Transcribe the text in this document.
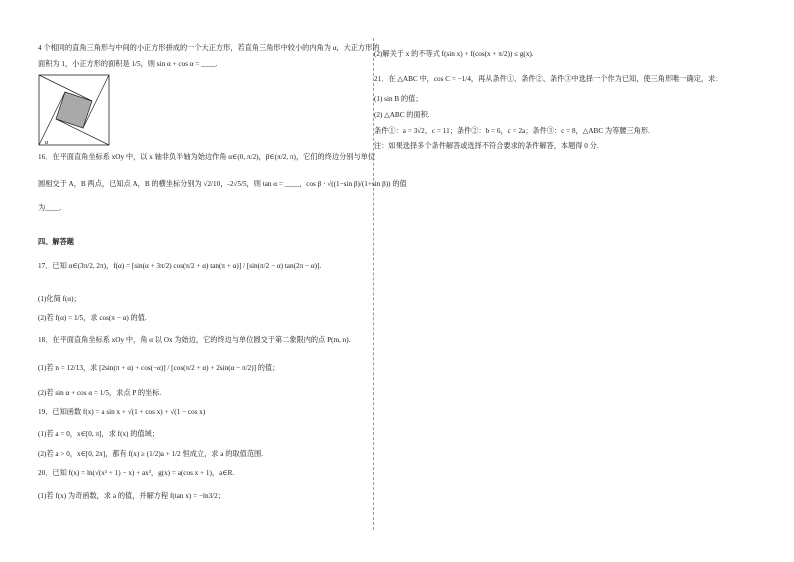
4 个相同的直角三角形与中间的小正方形拼成的一个大正方形，若直角三角形中较小的内角为 α，大正方形的
面积为 1，小正方形的面积是 1/5，则 sin α + cos α = ____.
α
16．在平面直角坐标系 xOy 中，以 x 轴非负半轴为始边作角 α∈(0, π/2)，β∈(π/2, π)，它们的终边分别与单位
圆相交于 A，B 两点，已知点 A，B 的横坐标分别为 √2/10，-2√5/5，则 tan α = ____，cos β · √((1−sin β)/(1+sin β)) 的值
为____.
四、解答题
17．已知 α∈(3π/2, 2π)，f(α) = [sin(α + 3π/2) cos(π/2 + α) tan(π + α)] / [sin(π/2 − α) tan(2π − α)].
(1)化简 f(α)；
(2)若 f(α) = 1/5，求 cos(π − α) 的值.
18．在平面直角坐标系 xOy 中，角 α 以 Ox 为始边，它的终边与单位圆交于第二象限内的点 P(m, n).
(1)若 n = 12/13，求 [2sin(π + α) + cos(−α)] / [cos(π/2 + α) + 2sin(α − π/2)] 的值；
(2)若 sin α + cos α = 1/5，求点 P 的坐标.
19．已知函数 f(x) = a sin x + √(1 + cos x) + √(1 − cos x)
(1)若 a = 0，x∈[0, π]，求 f(x) 的值域；
(2)若 a > 0，x∈[0, 2π]，都有 f(x) ≥ (1/2)a + 1/2 恒成立，求 a 的取值范围.
20．已知 f(x) = ln(√(x² + 1) − x) + ax³，g(x) = a(cos x + 1)，a∈R.
(1)若 f(x) 为奇函数，求 a 的值，并解方程 f(tan x) = −ln3/2；
(2)解关于 x 的不等式 f(sin x) + f(cos(x + π/2)) ≤ g(x).
21．在 △ABC 中，cos C = −1/4，再从条件①、条件②、条件③中选择一个作为已知，使三角形唯一确定，求：
(1) sin B 的值；
(2) △ABC 的面积.
条件①：a = 3√2，c = 11；条件②：b = 6，c = 2a；条件③：c = 8，△ABC 为等腰三角形.
注：如果选择多个条件解答或选择不符合要求的条件解答，本题得 0 分.
